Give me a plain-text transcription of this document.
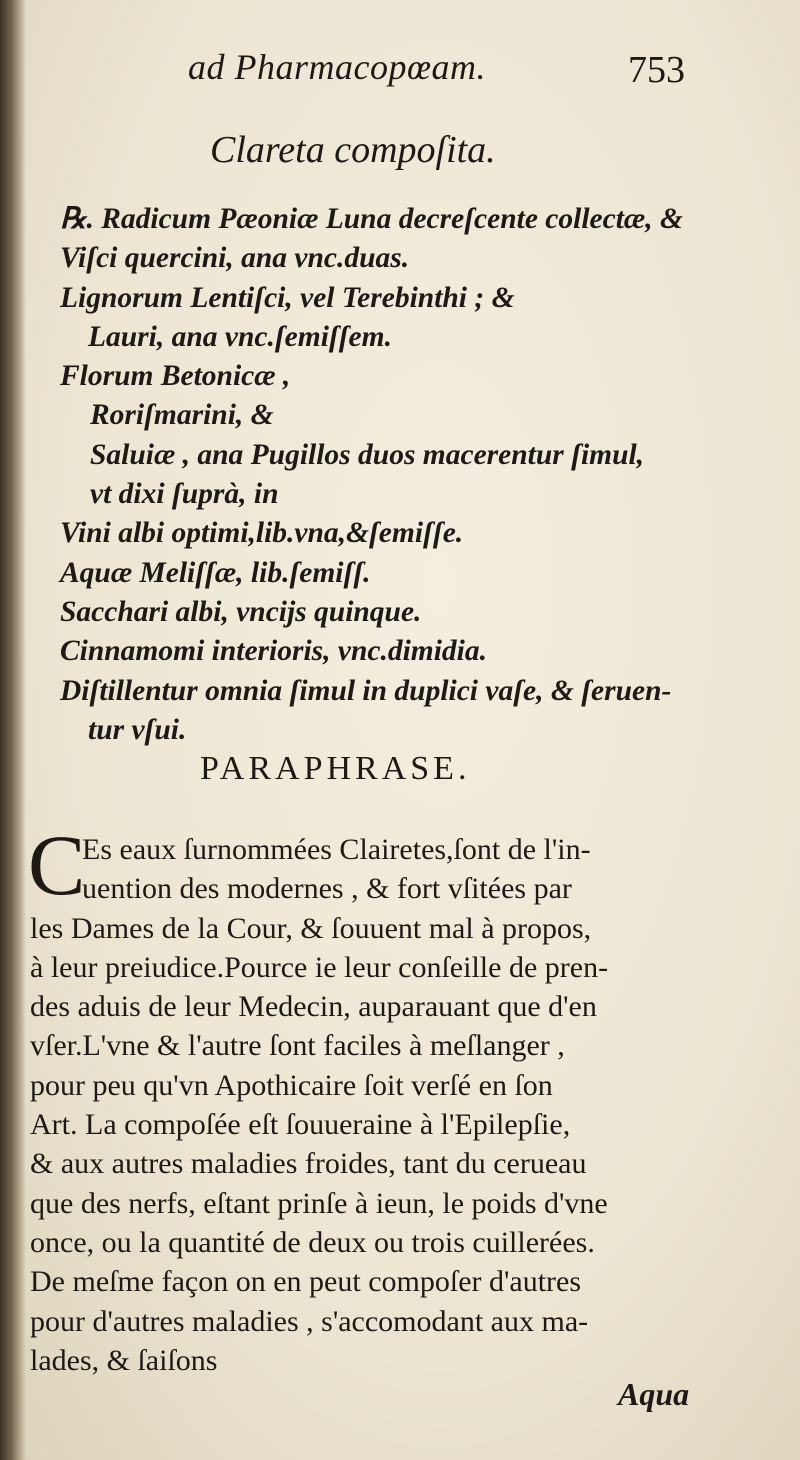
ad Pharmacopœam.	753
Clareta compoſita.
℞. Radicum Pæoniæ Luna decreſcente collectæ, &
Viſci quercini, ana vnc.duas.
Lignorum Lentiſci, vel Terebinthi ; &
Lauri, ana vnc.ſemiſſem.
Florum Betonicæ ,
Roriſmarini, &
Saluiæ , ana Pugillos duos macerentur ſimul,
vt dixi ſuprà, in
Vini albi optimi,lib.vna,&ſemiſſe.
Aquæ Meliſſæ, lib.ſemiſſ.
Sacchari albi, vncijs quinque.
Cinnamomi interioris, vnc.dimidia.
Diſtillentur omnia ſimul in duplici vaſe, & ſeruen-
tur vſui.
PARAPHRASE.
C
Es eaux ſurnommées Clairetes,ſont de l'in-
uention des modernes , & fort vſitées par
les Dames de la Cour, & ſouuent mal à propos,
à leur preiudice.Pource ie leur conſeille de pren-
des aduis de leur Medecin, auparauant que d'en
vſer.L'vne & l'autre ſont faciles à meſlanger ,
pour peu qu'vn Apothicaire ſoit verſé en ſon
Art. La compoſée eſt ſouueraine à l'Epilepſie,
& aux autres maladies froides, tant du cerueau
que des nerfs, eſtant prinſe à ieun, le poids d'vne
once, ou la quantité de deux ou trois cuillerées.
De meſme façon on en peut compoſer d'autres
pour d'autres maladies , s'accomodant aux ma-
lades, & ſaiſons
Aqua
